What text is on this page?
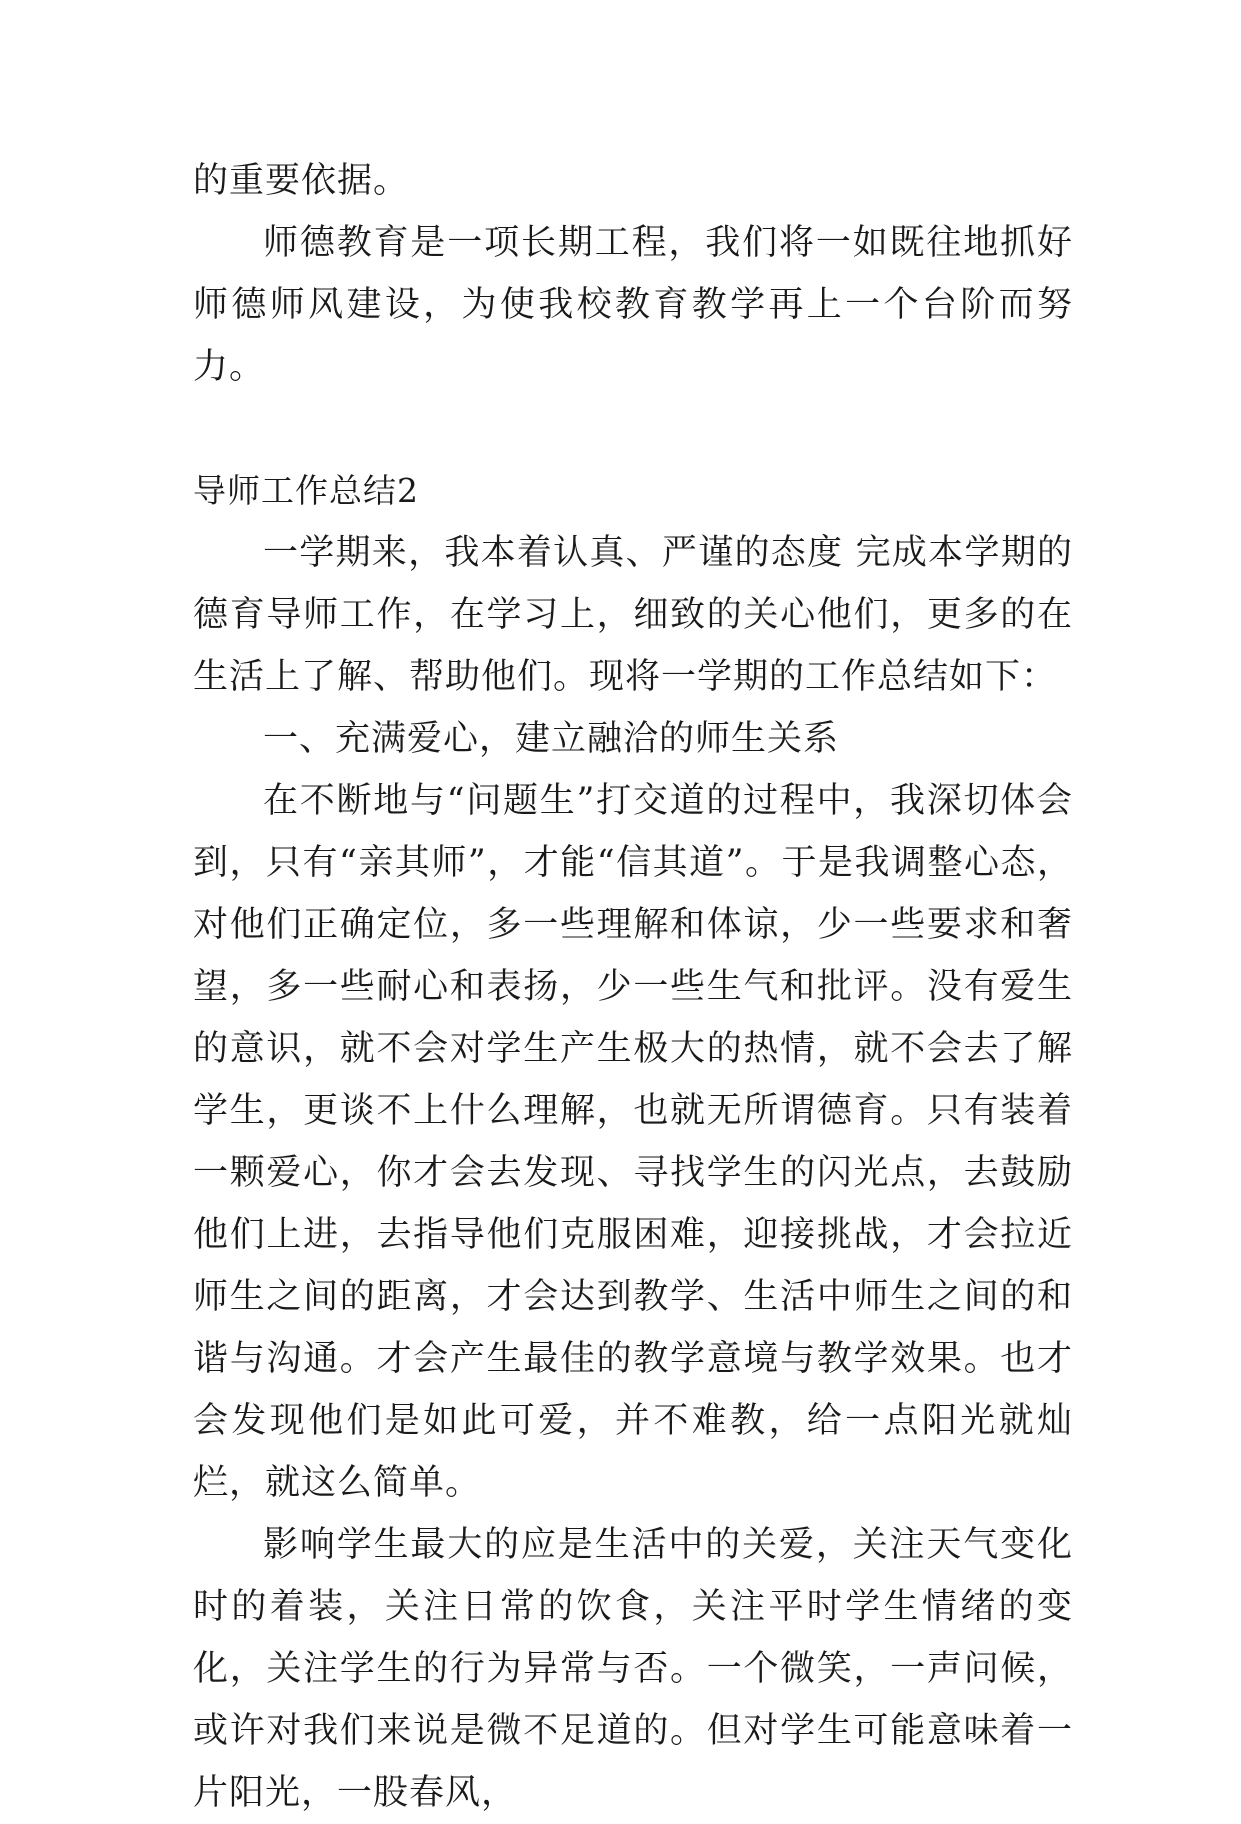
的重要依据。

师德教育是一项长期工程，我们将一如既往地抓好师德师风建设，为使我校教育教学再上一个台阶而努力。

导师工作总结2

一学期来，我本着认真、严谨的态度 完成本学期的德育导师工作，在学习上，细致的关心他们，更多的在生活上了解、帮助他们。现将一学期的工作总结如下：

一、充满爱心，建立融洽的师生关系

在不断地与“问题生”打交道的过程中，我深切体会到，只有“亲其师”，才能“信其道”。于是我调整心态，对他们正确定位，多一些理解和体谅，少一些要求和奢望，多一些耐心和表扬，少一些生气和批评。没有爱生的意识，就不会对学生产生极大的热情，就不会去了解学生，更谈不上什么理解，也就无所谓德育。只有装着一颗爱心，你才会去发现、寻找学生的闪光点，去鼓励他们上进，去指导他们克服困难，迎接挑战，才会拉近师生之间的距离，才会达到教学、生活中师生之间的和谐与沟通。才会产生最佳的教学意境与教学效果。也才会发现他们是如此可爱，并不难教，给一点阳光就灿烂，就这么简单。

影响学生最大的应是生活中的关爱，关注天气变化时的着装，关注日常的饮食，关注平时学生情绪的变化，关注学生的行为异常与否。一个微笑，一声问候，或许对我们来说是微不足道的。但对学生可能意味着一片阳光，一股春风，
